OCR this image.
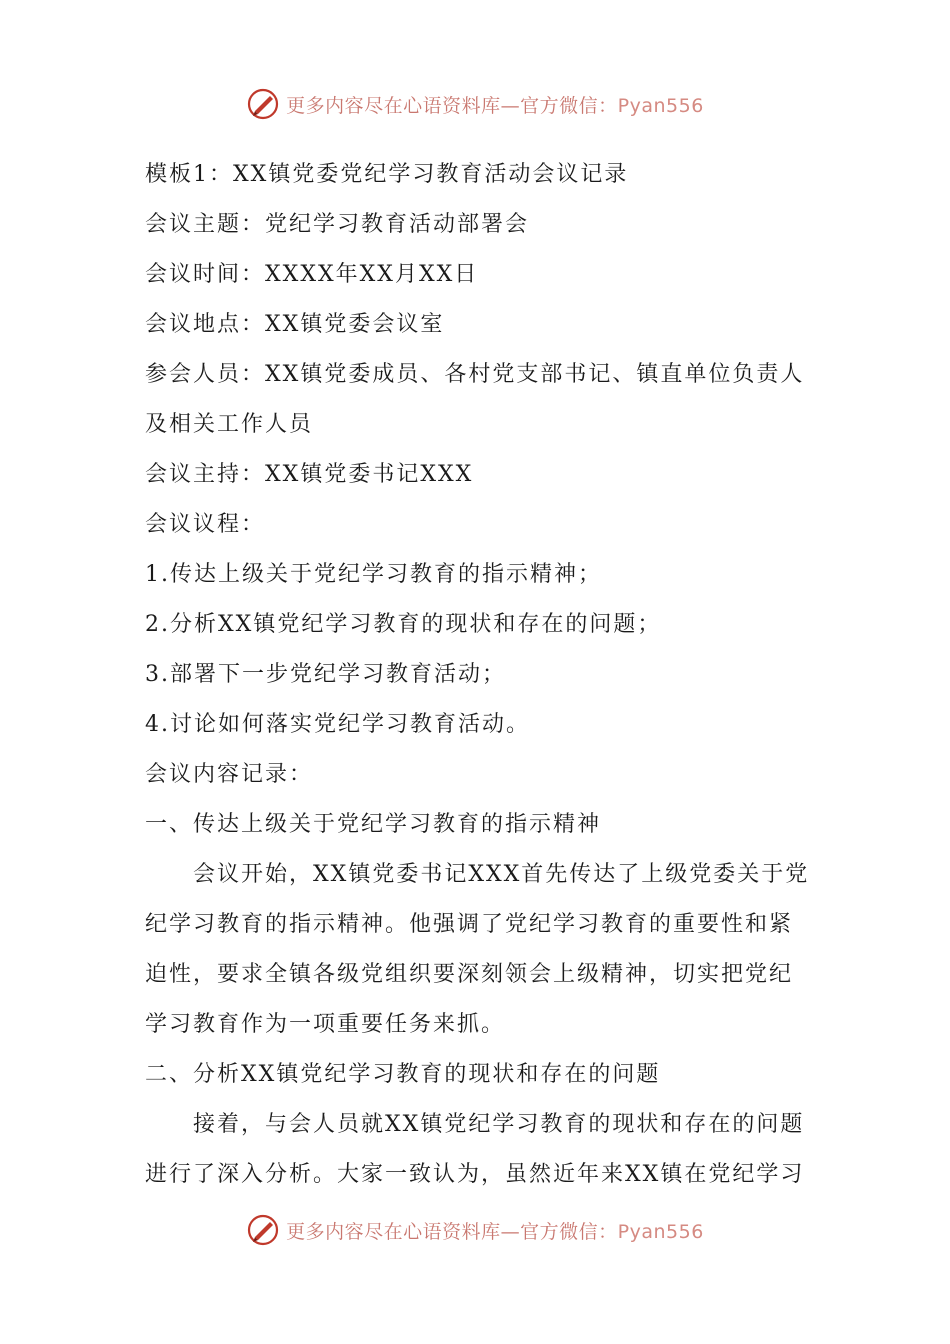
更多内容尽在心语资料库—官方微信：Pyan556
模板1：XX镇党委党纪学习教育活动会议记录
会议主题：党纪学习教育活动部署会
会议时间：XXXX年XX月XX日
会议地点：XX镇党委会议室
参会人员：XX镇党委成员、各村党支部书记、镇直单位负责人
及相关工作人员
会议主持：XX镇党委书记XXX
会议议程：
1.传达上级关于党纪学习教育的指示精神；
2.分析XX镇党纪学习教育的现状和存在的问题；
3.部署下一步党纪学习教育活动；
4.讨论如何落实党纪学习教育活动。
会议内容记录：
一、传达上级关于党纪学习教育的指示精神
会议开始，XX镇党委书记XXX首先传达了上级党委关于党
纪学习教育的指示精神。他强调了党纪学习教育的重要性和紧
迫性，要求全镇各级党组织要深刻领会上级精神，切实把党纪
学习教育作为一项重要任务来抓。
二、分析XX镇党纪学习教育的现状和存在的问题
接着，与会人员就XX镇党纪学习教育的现状和存在的问题
进行了深入分析。大家一致认为，虽然近年来XX镇在党纪学习
更多内容尽在心语资料库—官方微信：Pyan556
